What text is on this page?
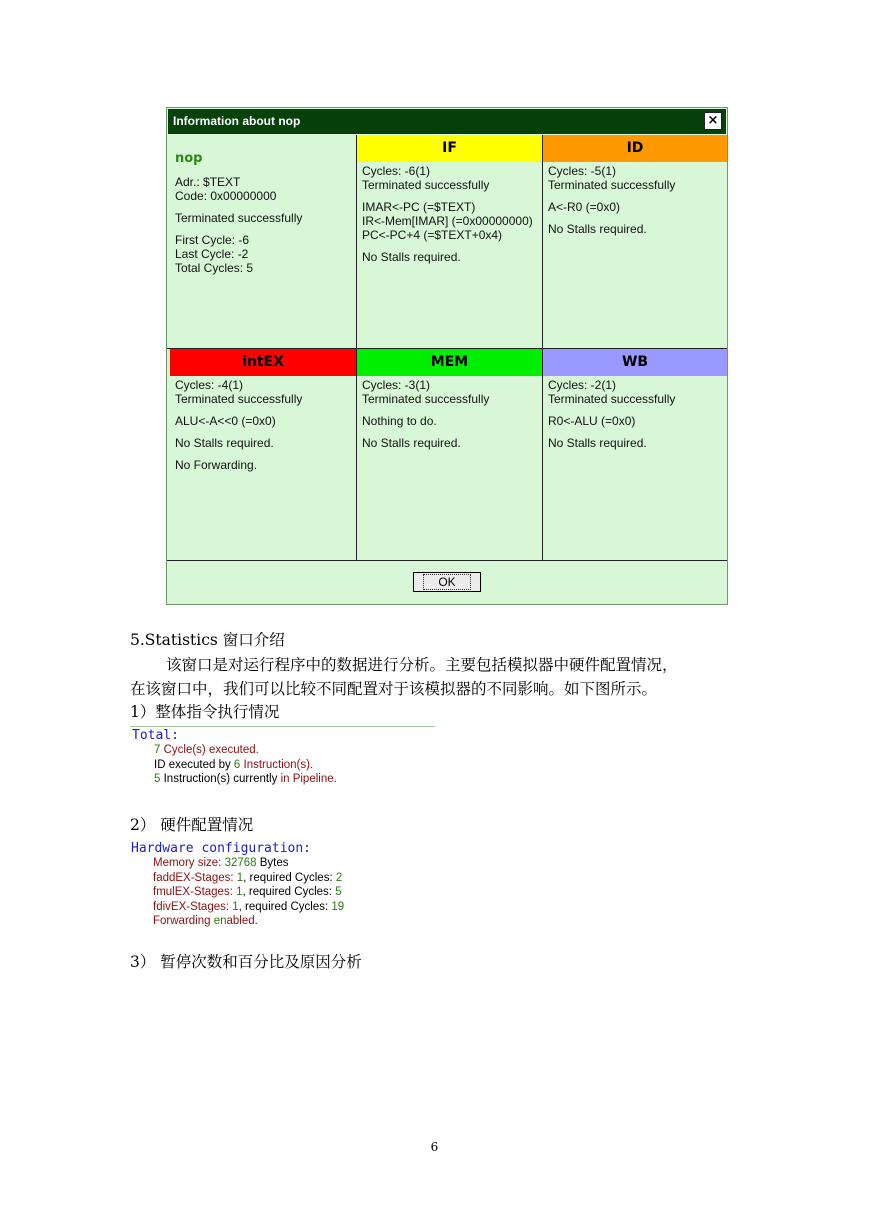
Information about nop	×
nop
Adr.: $TEXT
Code: 0x00000000
Terminated successfully
First Cycle: -6
Last Cycle: -2
Total Cycles: 5
IF
Cycles: -6(1)
Terminated successfully
IMAR<-PC (=$TEXT)
IR<-Mem[IMAR] (=0x00000000)
PC<-PC+4 (=$TEXT+0x4)
No Stalls required.
ID
Cycles: -5(1)
Terminated successfully
A<-R0 (=0x0)
No Stalls required.
intEX
Cycles: -4(1)
Terminated successfully
ALU<-A<<0 (=0x0)
No Stalls required.
No Forwarding.
MEM
Cycles: -3(1)
Terminated successfully
Nothing to do.
No Stalls required.
WB
Cycles: -2(1)
Terminated successfully
R0<-ALU (=0x0)
No Stalls required.
OK
5.Statistics 窗口介绍
该窗口是对运行程序中的数据进行分析。主要包括模拟器中硬件配置情况，
在该窗口中，我们可以比较不同配置对于该模拟器的不同影响。如下图所示。
1）整体指令执行情况
Total:
7 Cycle(s) executed.
ID executed by 6 Instruction(s).
5 Instruction(s) currently in Pipeline.
2） 硬件配置情况
Hardware configuration:
Memory size: 32768 Bytes
faddEX-Stages: 1, required Cycles: 2
fmulEX-Stages: 1, required Cycles: 5
fdivEX-Stages: 1, required Cycles: 19
Forwarding enabled.
3） 暂停次数和百分比及原因分析
6
